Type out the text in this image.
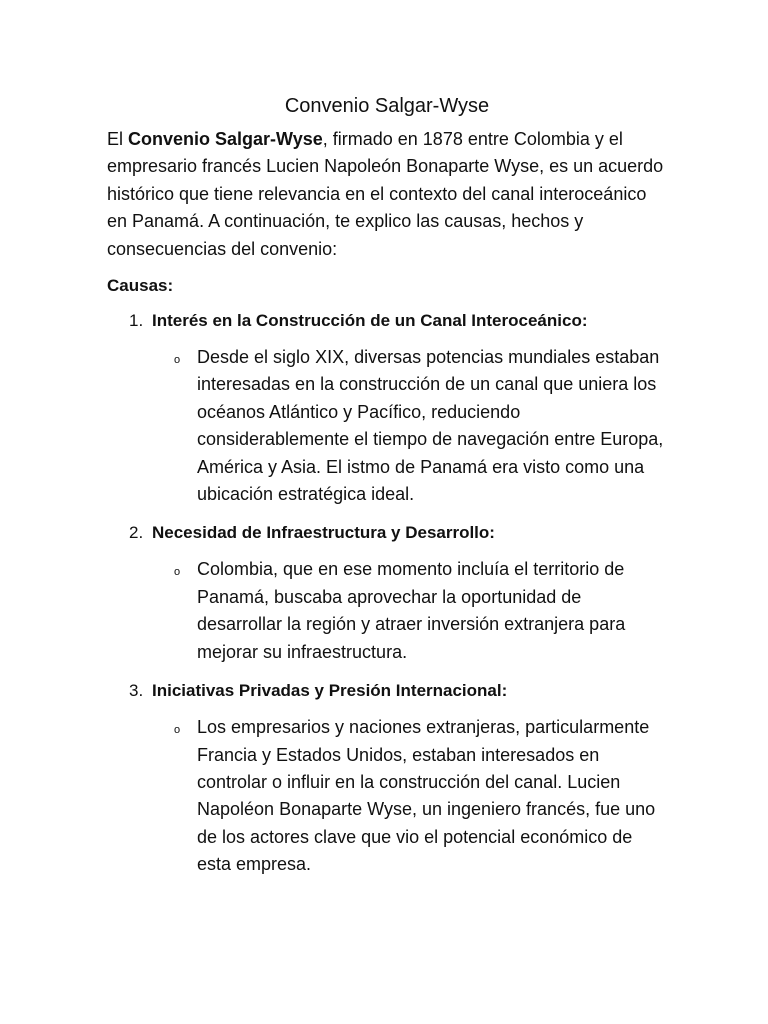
Convenio Salgar-Wyse

El Convenio Salgar-Wyse, firmado en 1878 entre Colombia y el empresario francés Lucien Napoleón Bonaparte Wyse, es un acuerdo histórico que tiene relevancia en el contexto del canal interoceánico en Panamá. A continuación, te explico las causas, hechos y consecuencias del convenio:

Causas:
1. Interés en la Construcción de un Canal Interoceánico:
o Desde el siglo XIX, diversas potencias mundiales estaban interesadas en la construcción de un canal que uniera los océanos Atlántico y Pacífico, reduciendo considerablemente el tiempo de navegación entre Europa, América y Asia. El istmo de Panamá era visto como una ubicación estratégica ideal.
2. Necesidad de Infraestructura y Desarrollo:
o Colombia, que en ese momento incluía el territorio de Panamá, buscaba aprovechar la oportunidad de desarrollar la región y atraer inversión extranjera para mejorar su infraestructura.
3. Iniciativas Privadas y Presión Internacional:
o Los empresarios y naciones extranjeras, particularmente Francia y Estados Unidos, estaban interesados en controlar o influir en la construcción del canal. Lucien Napoléon Bonaparte Wyse, un ingeniero francés, fue uno de los actores clave que vio el potencial económico de esta empresa.
